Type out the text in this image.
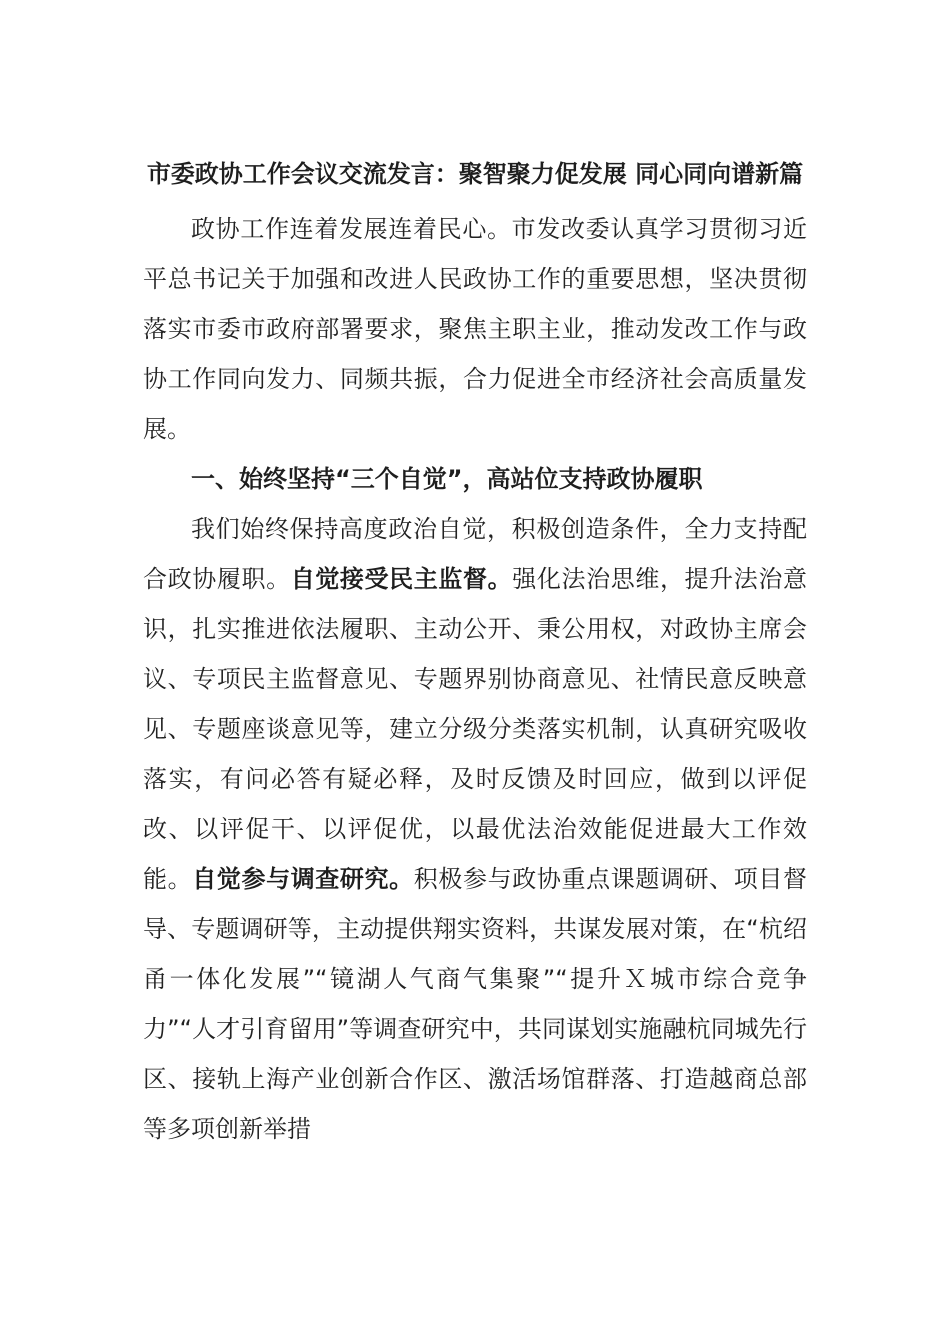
市委政协工作会议交流发言：聚智聚力促发展 同心同向谱新篇

政协工作连着发展连着民心。市发改委认真学习贯彻习近平总书记关于加强和改进人民政协工作的重要思想，坚决贯彻落实市委市政府部署要求，聚焦主职主业，推动发改工作与政协工作同向发力、同频共振，合力促进全市经济社会高质量发展。

一、始终坚持“三个自觉”，高站位支持政协履职

我们始终保持高度政治自觉，积极创造条件，全力支持配合政协履职。自觉接受民主监督。强化法治思维，提升法治意识，扎实推进依法履职、主动公开、秉公用权，对政协主席会议、专项民主监督意见、专题界别协商意见、社情民意反映意见、专题座谈意见等，建立分级分类落实机制，认真研究吸收落实，有问必答有疑必释，及时反馈及时回应，做到以评促改、以评促干、以评促优，以最优法治效能促进最大工作效能。自觉参与调查研究。积极参与政协重点课题调研、项目督导、专题调研等，主动提供翔实资料，共谋发展对策，在“杭绍甬一体化发展”“镜湖人气商气集聚”“提升Ｘ城市综合竞争力”“人才引育留用”等调查研究中，共同谋划实施融杭同城先行区、接轨上海产业创新合作区、激活场馆群落、打造越商总部等多项创新举措
